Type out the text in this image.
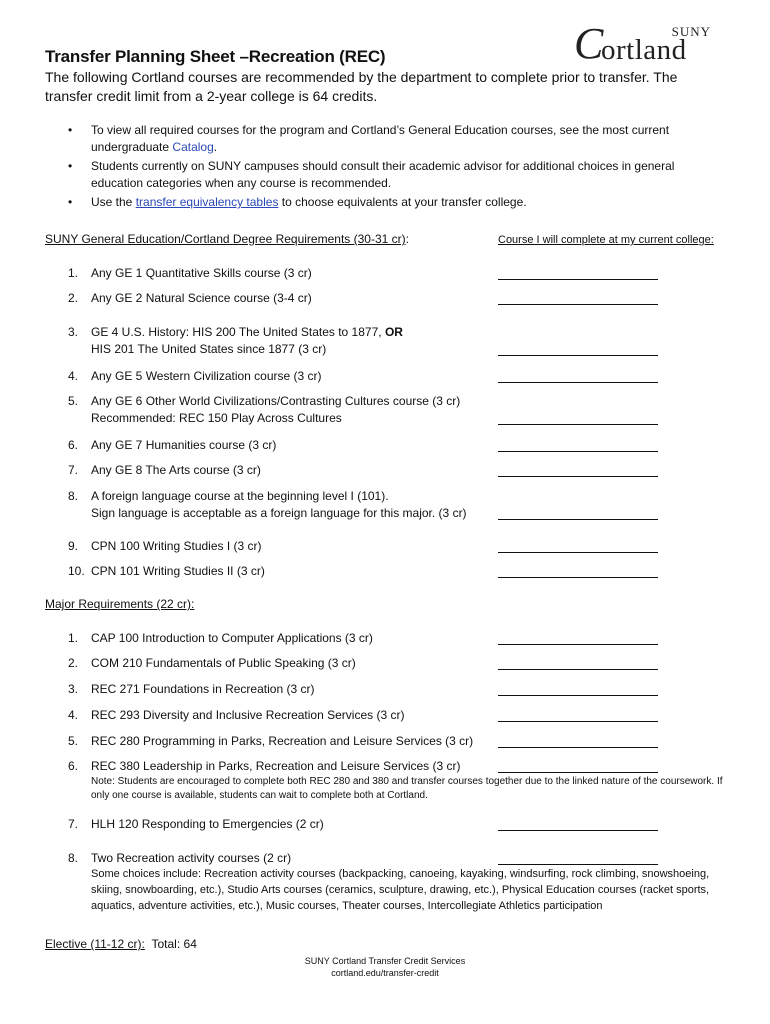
Transfer Planning Sheet –Recreation (REC)
The following Cortland courses are recommended by the department to complete prior to transfer. The transfer credit limit from a 2-year college is 64 credits.
SUNY
C
ortland
• To view all required courses for the program and Cortland’s General Education courses, see the most current undergraduate Catalog.
• Students currently on SUNY campuses should consult their academic advisor for additional choices in general education categories when any course is recommended.
• Use the transfer equivalency tables to choose equivalents at your transfer college.
SUNY General Education/Cortland Degree Requirements (30-31 cr):	Course I will complete at my current college:
1.	Any GE 1 Quantitative Skills course (3 cr)
2.	Any GE 2 Natural Science course (3-4 cr)
3.	GE 4 U.S. History: HIS 200 The United States to 1877, OR
HIS 201 The United States since 1877 (3 cr)
4.	Any GE 5 Western Civilization course (3 cr)
5.	Any GE 6 Other World Civilizations/Contrasting Cultures course (3 cr)
Recommended: REC 150 Play Across Cultures
6.	Any GE 7 Humanities course (3 cr)
7.	Any GE 8 The Arts course (3 cr)
8.	A foreign language course at the beginning level I (101).
Sign language is acceptable as a foreign language for this major. (3 cr)
9.	CPN 100 Writing Studies I (3 cr)
10. CPN 101 Writing Studies II (3 cr)
Major Requirements (22 cr):
1.	CAP 100 Introduction to Computer Applications (3 cr)
2.	COM 210 Fundamentals of Public Speaking (3 cr)
3.	REC 271 Foundations in Recreation (3 cr)
4.	REC 293 Diversity and Inclusive Recreation Services (3 cr)
5.	REC 280 Programming in Parks, Recreation and Leisure Services (3 cr)
6.	REC 380 Leadership in Parks, Recreation and Leisure Services (3 cr)
Note: Students are encouraged to complete both REC 280 and 380 and transfer courses together due to the linked nature of the coursework. If only one course is available, students can wait to complete both at Cortland.
7.	HLH 120 Responding to Emergencies (2 cr)
8.	Two Recreation activity courses (2 cr)
Some choices include: Recreation activity courses (backpacking, canoeing, kayaking, windsurfing, rock climbing, snowshoeing, skiing, snowboarding, etc.), Studio Arts courses (ceramics, sculpture, drawing, etc.), Physical Education courses (racket sports, aquatics, adventure activities, etc.), Music courses, Theater courses, Intercollegiate Athletics participation
Elective (11-12 cr): Total: 64
SUNY Cortland Transfer Credit Services
cortland.edu/transfer-credit
